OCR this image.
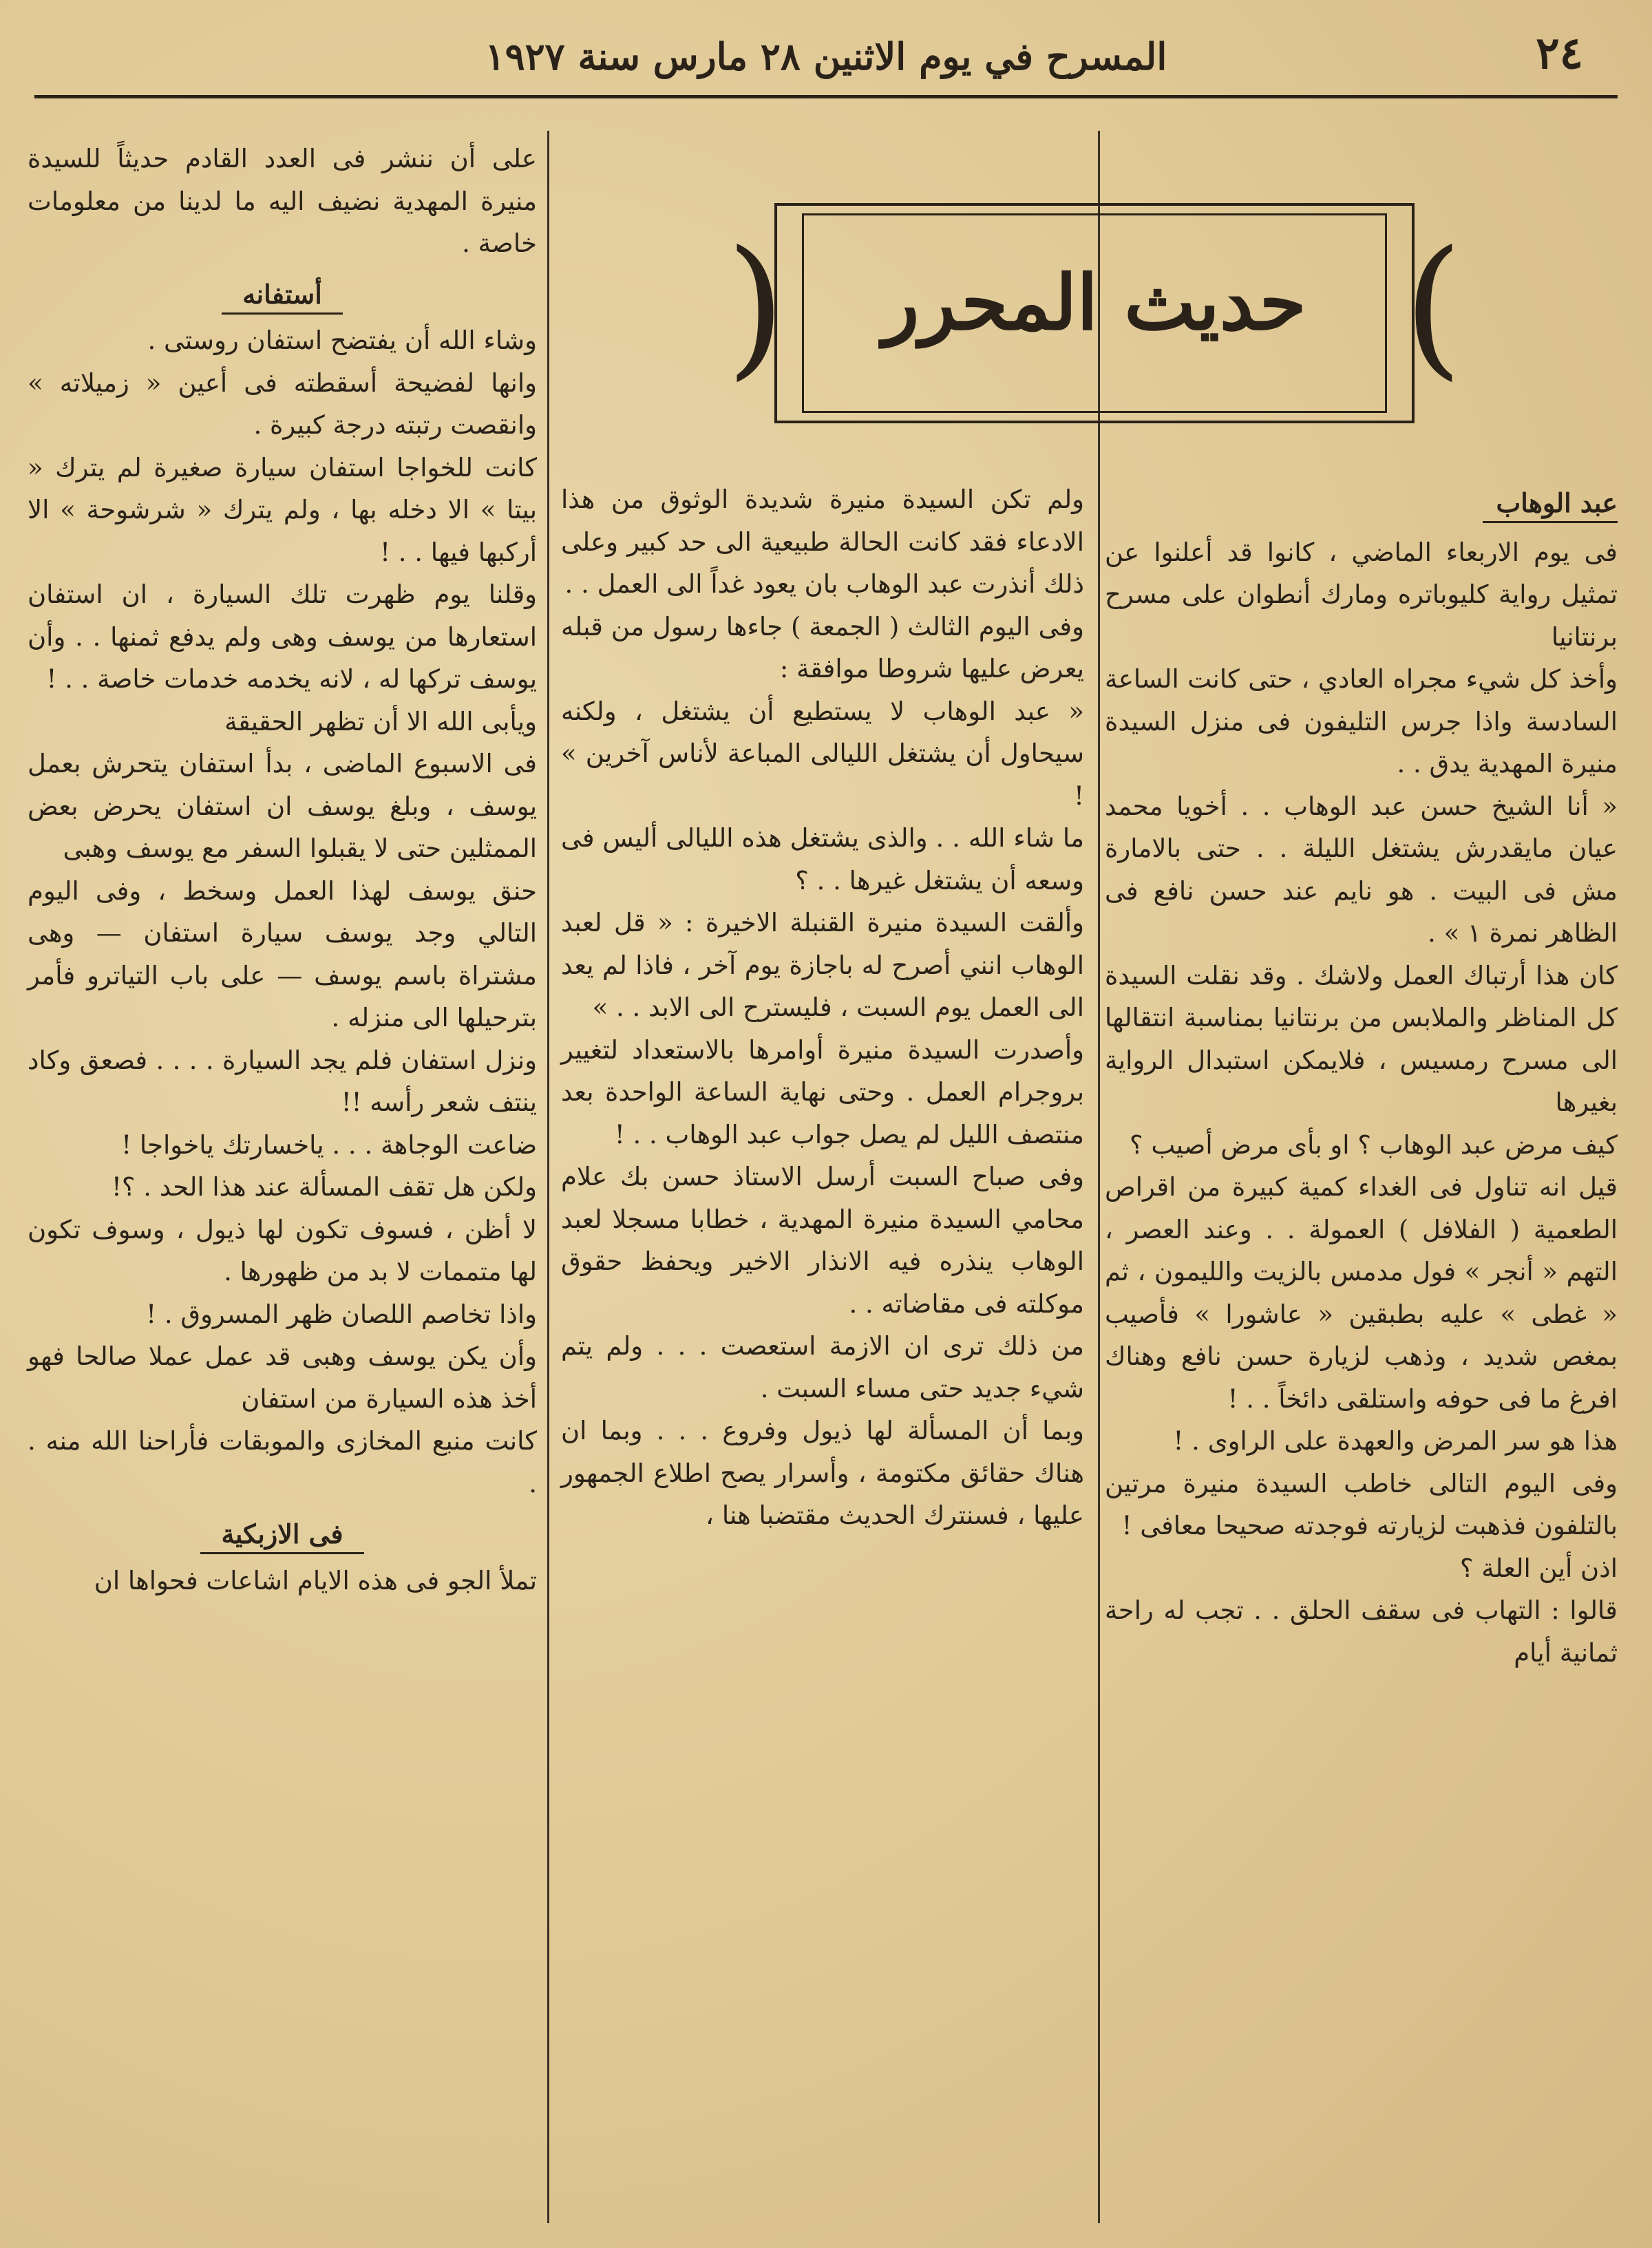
٢٤
المسرح في يوم الاثنين ٢٨ مارس سنة ١٩٢٧
(	)
حديث المحرر
عبد الوهاب

فى يوم الاربعاء الماضي ، كانوا قد أعلنوا عن تمثيل رواية كليوباتره ومارك أنطوان على مسرح برنتانيا

وأخذ كل شيء مجراه العادي ، حتى كانت الساعة السادسة واذا جرس التليفون فى منزل السيدة منيرة المهدية يدق . .

« أنا الشيخ حسن عبد الوهاب . . أخويا محمد عيان مايقدرش يشتغل الليلة . . حتى بالامارة مش فى البيت . هو نايم عند حسن نافع فى الظاهر نمرة ١ » .

كان هذا أرتباك العمل ولاشك . وقد نقلت السيدة كل المناظر والملابس من برنتانيا بمناسبة انتقالها الى مسرح رمسيس ، فلايمكن استبدال الرواية بغيرها

كيف مرض عبد الوهاب ؟ او بأى مرض أصيب ؟

قيل انه تناول فى الغداء كمية كبيرة من اقراص الطعمية ( الفلافل ) العمولة . . وعند العصر ، التهم « أنجر » فول مدمس بالزيت والليمون ، ثم « غطى » عليه بطبقين « عاشورا » فأصيب بمغص شديد ، وذهب لزيارة حسن نافع وهناك افرغ ما فى حوفه واستلقى دائخاً . . !

هذا هو سر المرض والعهدة على الراوى . !

وفى اليوم التالى خاطب السيدة منيرة مرتين بالتلفون فذهبت لزيارته فوجدته صحيحا معافى !

اذن أين العلة ؟

قالوا : التهاب فى سقف الحلق . . تجب له راحة ثمانية أيام

ولم تكن السيدة منيرة شديدة الوثوق من هذا الادعاء فقد كانت الحالة طبيعية الى حد كبير وعلى ذلك أنذرت عبد الوهاب بان يعود غداً الى العمل . .

وفى اليوم الثالث ( الجمعة ) جاءها رسول من قبله يعرض عليها شروطا موافقة :

« عبد الوهاب لا يستطيع أن يشتغل ، ولكنه سيحاول أن يشتغل الليالى المباعة لأناس آخرين » !

ما شاء الله . . والذى يشتغل هذه الليالى أليس فى وسعه أن يشتغل غيرها . . ؟

وألقت السيدة منيرة القنبلة الاخيرة : « قل لعبد الوهاب انني أصرح له باجازة يوم آخر ، فاذا لم يعد الى العمل يوم السبت ، فليسترح الى الابد . . »

وأصدرت السيدة منيرة أوامرها بالاستعداد لتغيير بروجرام العمل . وحتى نهاية الساعة الواحدة بعد منتصف الليل لم يصل جواب عبد الوهاب . . !

وفى صباح السبت أرسل الاستاذ حسن بك علام محامي السيدة منيرة المهدية ، خطابا مسجلا لعبد الوهاب ينذره فيه الانذار الاخير ويحفظ حقوق موكلته فى مقاضاته . .

من ذلك ترى ان الازمة استعصت . . . ولم يتم شيء جديد حتى مساء السبت .

وبما أن المسألة لها ذيول وفروع . . . وبما ان هناك حقائق مكتومة ، وأسرار يصح اطلاع الجمهور عليها ، فسنترك الحديث مقتضبا هنا ،

على أن ننشر فى العدد القادم حديثاً للسيدة منيرة المهدية نضيف اليه ما لدينا من معلومات خاصة .

أستفانه

وشاء الله أن يفتضح استفان روستى .

وانها لفضيحة أسقطته فى أعين « زميلاته » وانقصت رتبته درجة كبيرة .

كانت للخواجا استفان سيارة صغيرة لم يترك « بيتا » الا دخله بها ، ولم يترك « شرشوحة » الا أركبها فيها . . !

وقلنا يوم ظهرت تلك السيارة ، ان استفان استعارها من يوسف وهى ولم يدفع ثمنها . . وأن يوسف تركها له ، لانه يخدمه خدمات خاصة . . !

ويأبى الله الا أن تظهر الحقيقة

فى الاسبوع الماضى ، بدأ استفان يتحرش بعمل يوسف ، وبلغ يوسف ان استفان يحرض بعض الممثلين حتى لا يقبلوا السفر مع يوسف وهبى

حنق يوسف لهذا العمل وسخط ، وفى اليوم التالي وجد يوسف سيارة استفان — وهى مشتراة باسم يوسف — على باب التياترو فأمر بترحيلها الى منزله .

ونزل استفان فلم يجد السيارة . . . . فصعق وكاد ينتف شعر رأسه !!

ضاعت الوجاهة . . . ياخسارتك ياخواجا !

ولكن هل تقف المسألة عند هذا الحد . ؟!

لا أظن ، فسوف تكون لها ذيول ، وسوف تكون لها متممات لا بد من ظهورها .

واذا تخاصم اللصان ظهر المسروق . !

وأن يكن يوسف وهبى قد عمل عملا صالحا فهو أخذ هذه السيارة من استفان

كانت منبع المخازى والموبقات فأراحنا الله منه . .

فى الازبكية

تملأ الجو فى هذه الايام اشاعات فحواها ان
